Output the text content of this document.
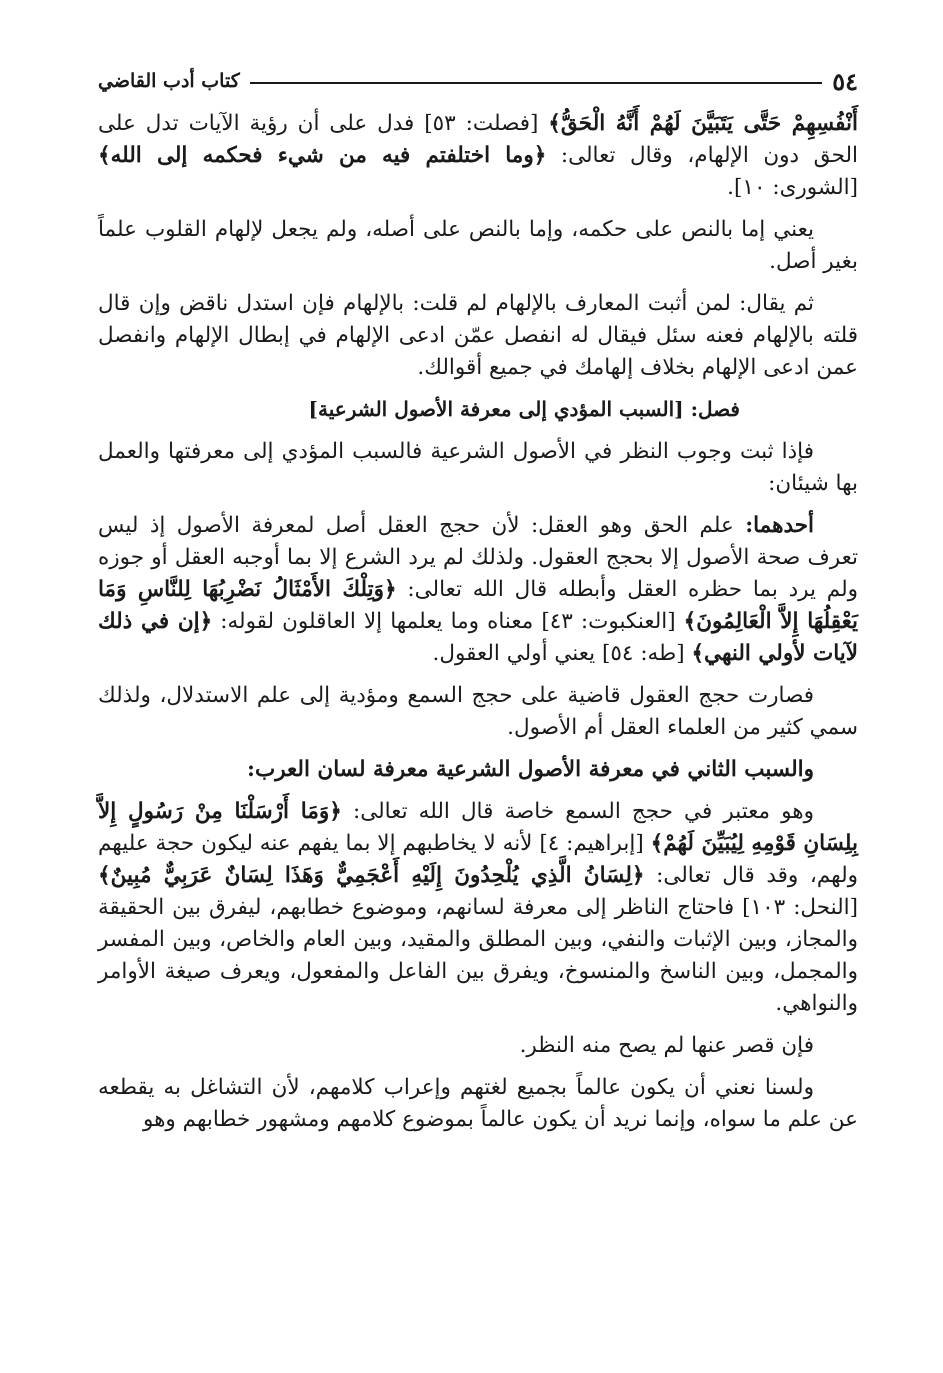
٥٤
كتاب أدب القاضي

أَنْفُسِهِمْ حَتَّى يَتَبَيَّنَ لَهُمْ أَنَّهُ الْحَقُّ﴾ [فصلت: ٥٣] فدل على أن رؤية الآيات تدل على الحق دون الإلهام، وقال تعالى: ﴿وما اختلفتم فيه من شيء فحكمه إلى الله﴾ [الشورى: ١٠].

يعني إما بالنص على حكمه، وإما بالنص على أصله، ولم يجعل لإلهام القلوب علماً بغير أصل.

ثم يقال: لمن أثبت المعارف بالإلهام لم قلت: بالإلهام فإن استدل ناقض وإن قال قلته بالإلهام فعنه سئل فيقال له انفصل عمّن ادعى الإلهام في إبطال الإلهام وانفصل عمن ادعى الإلهام بخلاف إلهامك في جميع أقوالك.

فصل: [السبب المؤدي إلى معرفة الأصول الشرعية]

فإذا ثبت وجوب النظر في الأصول الشرعية فالسبب المؤدي إلى معرفتها والعمل بها شيئان:

أحدهما: علم الحق وهو العقل: لأن حجج العقل أصل لمعرفة الأصول إذ ليس تعرف صحة الأصول إلا بحجج العقول. ولذلك لم يرد الشرع إلا بما أوجبه العقل أو جوزه ولم يرد بما حظره العقل وأبطله قال الله تعالى: ﴿وَتِلْكَ الأَمْثَالُ نَضْرِبُهَا لِلنَّاسِ وَمَا يَعْقِلُهَا إِلاَّ الْعَالِمُونَ﴾ [العنكبوت: ٤٣] معناه وما يعلمها إلا العاقلون لقوله: ﴿إن في ذلك لآيات لأولي النهي﴾ [طه: ٥٤] يعني أولي العقول.

فصارت حجج العقول قاضية على حجج السمع ومؤدية إلى علم الاستدلال، ولذلك سمي كثير من العلماء العقل أم الأصول.

والسبب الثاني في معرفة الأصول الشرعية معرفة لسان العرب:

وهو معتبر في حجج السمع خاصة قال الله تعالى: ﴿وَمَا أَرْسَلْنَا مِنْ رَسُولٍ إِلاَّ بِلِسَانِ قَوْمِهِ لِيُبَيِّنَ لَهُمْ﴾ [إبراهيم: ٤] لأنه لا يخاطبهم إلا بما يفهم عنه ليكون حجة عليهم ولهم، وقد قال تعالى: ﴿لِسَانُ الَّذِي يُلْحِدُونَ إِلَيْهِ أَعْجَمِيٌّ وَهَذَا لِسَانٌ عَرَبِيٌّ مُبِينٌ﴾ [النحل: ١٠٣] فاحتاج الناظر إلى معرفة لسانهم، وموضوع خطابهم، ليفرق بين الحقيقة والمجاز، وبين الإثبات والنفي، وبين المطلق والمقيد، وبين العام والخاص، وبين المفسر والمجمل، وبين الناسخ والمنسوخ، ويفرق بين الفاعل والمفعول، ويعرف صيغة الأوامر والنواهي.

فإن قصر عنها لم يصح منه النظر.

ولسنا نعني أن يكون عالماً بجميع لغتهم وإعراب كلامهم، لأن التشاغل به يقطعه عن علم ما سواه، وإنما نريد أن يكون عالماً بموضوع كلامهم ومشهور خطابهم وهو
